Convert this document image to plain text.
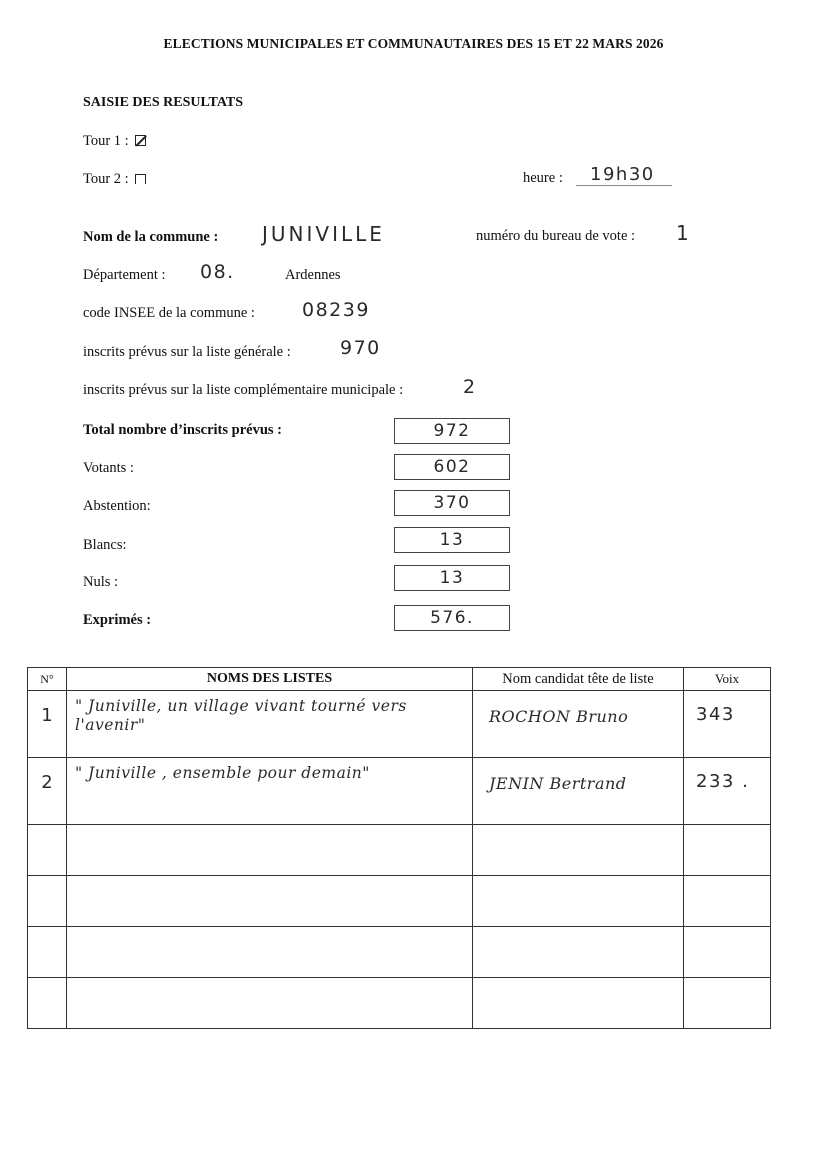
ELECTIONS MUNICIPALES ET COMMUNAUTAIRES DES 15 ET 22 MARS 2026
SAISIE DES RESULTATS
Tour 1 :
Tour 2 :	heure : 19h30
Nom de la commune : JUNIVILLE	numéro du bureau de vote : 1
Département : 08.	Ardennes
code INSEE de la commune : 08239
inscrits prévus sur la liste générale :	970
inscrits prévus sur la liste complémentaire municipale :	2
Total nombre d’inscrits prévus :	972
Votants :	602
Abstention:	370
Blancs:	13
Nuls :	13
Exprimés :	576.
N°	NOMS DES LISTES	Nom candidat tête de liste	Voix
1	" Juniville, un village vivant tourné vers l'avenir"	ROCHON Bruno	343
2	" Juniville , ensemble pour demain"	JENIN Bertrand	233 .
